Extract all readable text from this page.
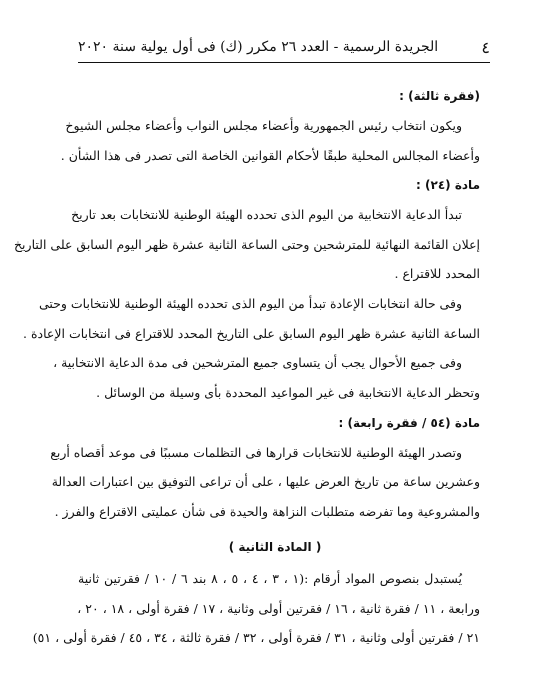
٤
الجريدة الرسمية - العدد ٢٦ مكرر (ك) فى أول يولية سنة ٢٠٢٠
(فقرة ثالثة) :
ويكون انتخاب رئيس الجمهورية وأعضاء مجلس النواب وأعضاء مجلس الشيوخ
وأعضاء المجالس المحلية طبقًا لأحكام القوانين الخاصة التى تصدر فى هذا الشأن .
مادة (٢٤) :
تبدأ الدعاية الانتخابية من اليوم الذى تحدده الهيئة الوطنية للانتخابات بعد تاريخ
إعلان القائمة النهائية للمترشحين وحتى الساعة الثانية عشرة ظهر اليوم السابق على التاريخ
المحدد للاقتراع .
وفى حالة انتخابات الإعادة تبدأ من اليوم الذى تحدده الهيئة الوطنية للانتخابات وحتى
الساعة الثانية عشرة ظهر اليوم السابق على التاريخ المحدد للاقتراع فى انتخابات الإعادة .
وفى جميع الأحوال يجب أن يتساوى جميع المترشحين فى مدة الدعاية الانتخابية ،
وتحظر الدعاية الانتخابية فى غير المواعيد المحددة بأى وسيلة من الوسائل .
مادة (٥٤ / فقرة رابعة) :
وتصدر الهيئة الوطنية للانتخابات قرارها فى التظلمات مسببًا فى موعد أقصاه أربع
وعشرين ساعة من تاريخ العرض عليها ، على أن تراعى التوفيق بين اعتبارات العدالة
والمشروعية وما تفرضه متطلبات النزاهة والحيدة فى شأن عمليتى الاقتراع والفرز .
( المادة الثانية )
يُستبدل بنصوص المواد أرقام :(١ ، ٣ ، ٤ ، ٥ ، ٨ بند ٦ / ١٠ / فقرتين ثانية
ورابعة ، ١١ / فقرة ثانية ، ١٦ / فقرتين أولى وثانية ، ١٧ / فقرة أولى ، ١٨ ، ٢٠ ،
٢١ / فقرتين أولى وثانية ، ٣١ / فقرة أولى ، ٣٢ / فقرة ثالثة ، ٣٤ ، ٤٥ / فقرة أولى ، ٥١)
